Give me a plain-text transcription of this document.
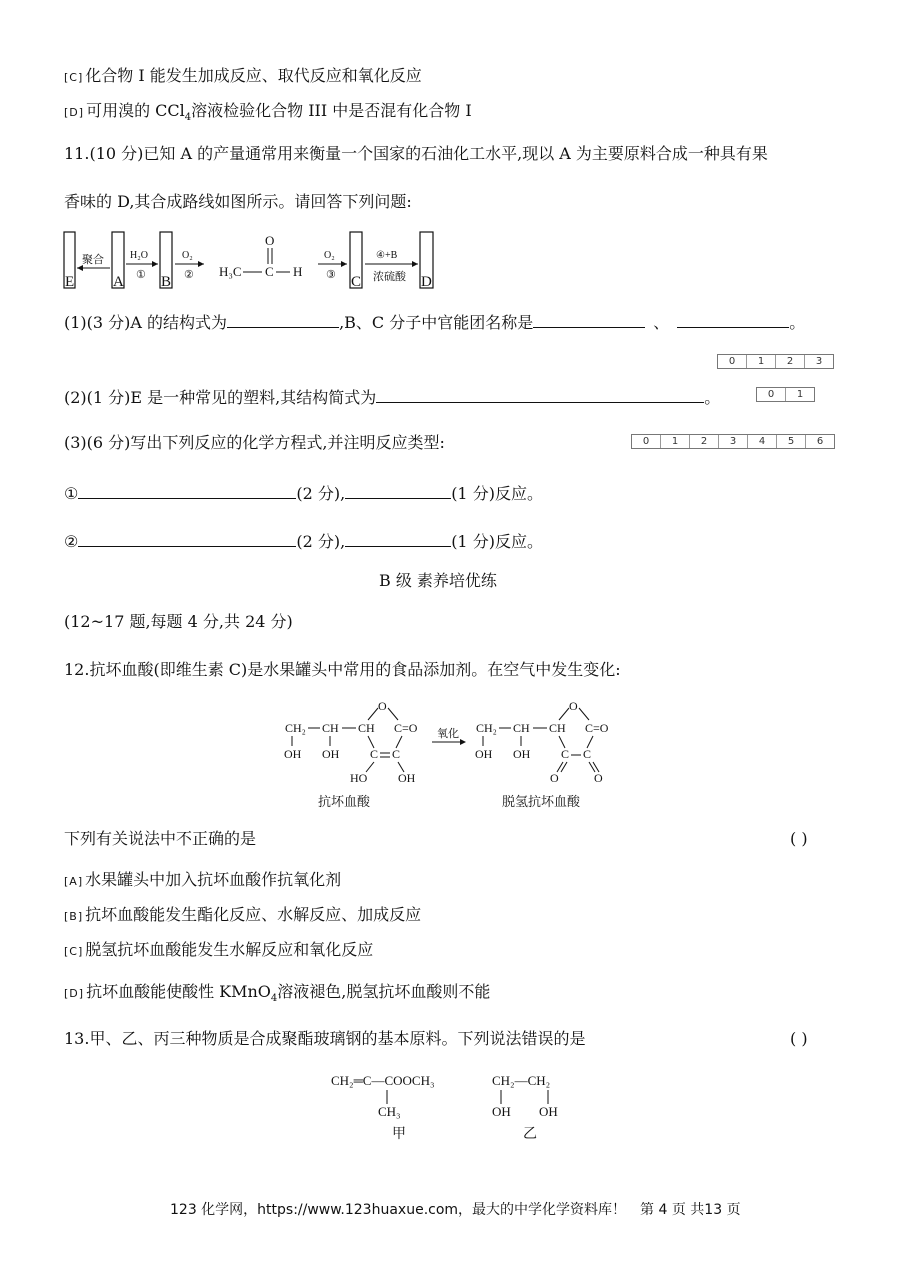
[C] 化合物 I 能发生加成反应、取代反应和氧化反应
[D] 可用溴的 CCl$_4$溶液检验化合物 III 中是否混有化合物 I
11.(10 分)已知 A 的产量通常用来衡量一个国家的石油化工水平,现以 A 为主要原料合成一种具有果
香味的 D,其合成路线如图所示。请回答下列问题:
E
聚合
A
H₂O
① B
O₂
② H₃C C
O
H
O₂
③ C
④+B
浓硫酸 D
(1)(3 分)A 的结构式为	,B、C 分子中官能团名称是	、	。
0	1	2	3
(2)(1 分)E 是一种常见的塑料,其结构简式为	。	0	1
(3)(6 分)写出下列反应的化学方程式,并注明反应类型:	0	1	2	3	4	5	6
①	(2 分),	(1 分)反应。
②	(2 分),	(1 分)反应。
B 级 素养培优练
(12~17 题,每题 4 分,共 24 分)
12.抗坏血酸(即维生素 C)是水果罐头中常用的食品添加剂。在空气中发生变化:
CH₂ CH CH
O
C=O
C C
OH OH
HO	OH
抗坏血酸
氧化 CH₂ CH CH
O
C=O
C C
OH OH
O	O
脱氢抗坏血酸
下列有关说法中不正确的是	( )
[A] 水果罐头中加入抗坏血酸作抗氧化剂
[B] 抗坏血酸能发生酯化反应、水解反应、加成反应
[C] 脱氢抗坏血酸能发生水解反应和氧化反应
[D] 抗坏血酸能使酸性 KMnO$_4$溶液褪色,脱氢抗坏血酸则不能
13.甲、乙、丙三种物质是合成聚酯玻璃钢的基本原料。下列说法错误的是	( )
CH₂═C—COOCH₃
CH₃
甲
CH₂—CH₂
OH OH
乙
123 化学网，https://www.123huaxue.com，最大的中学化学资料库！ 第 4 页 共13 页
